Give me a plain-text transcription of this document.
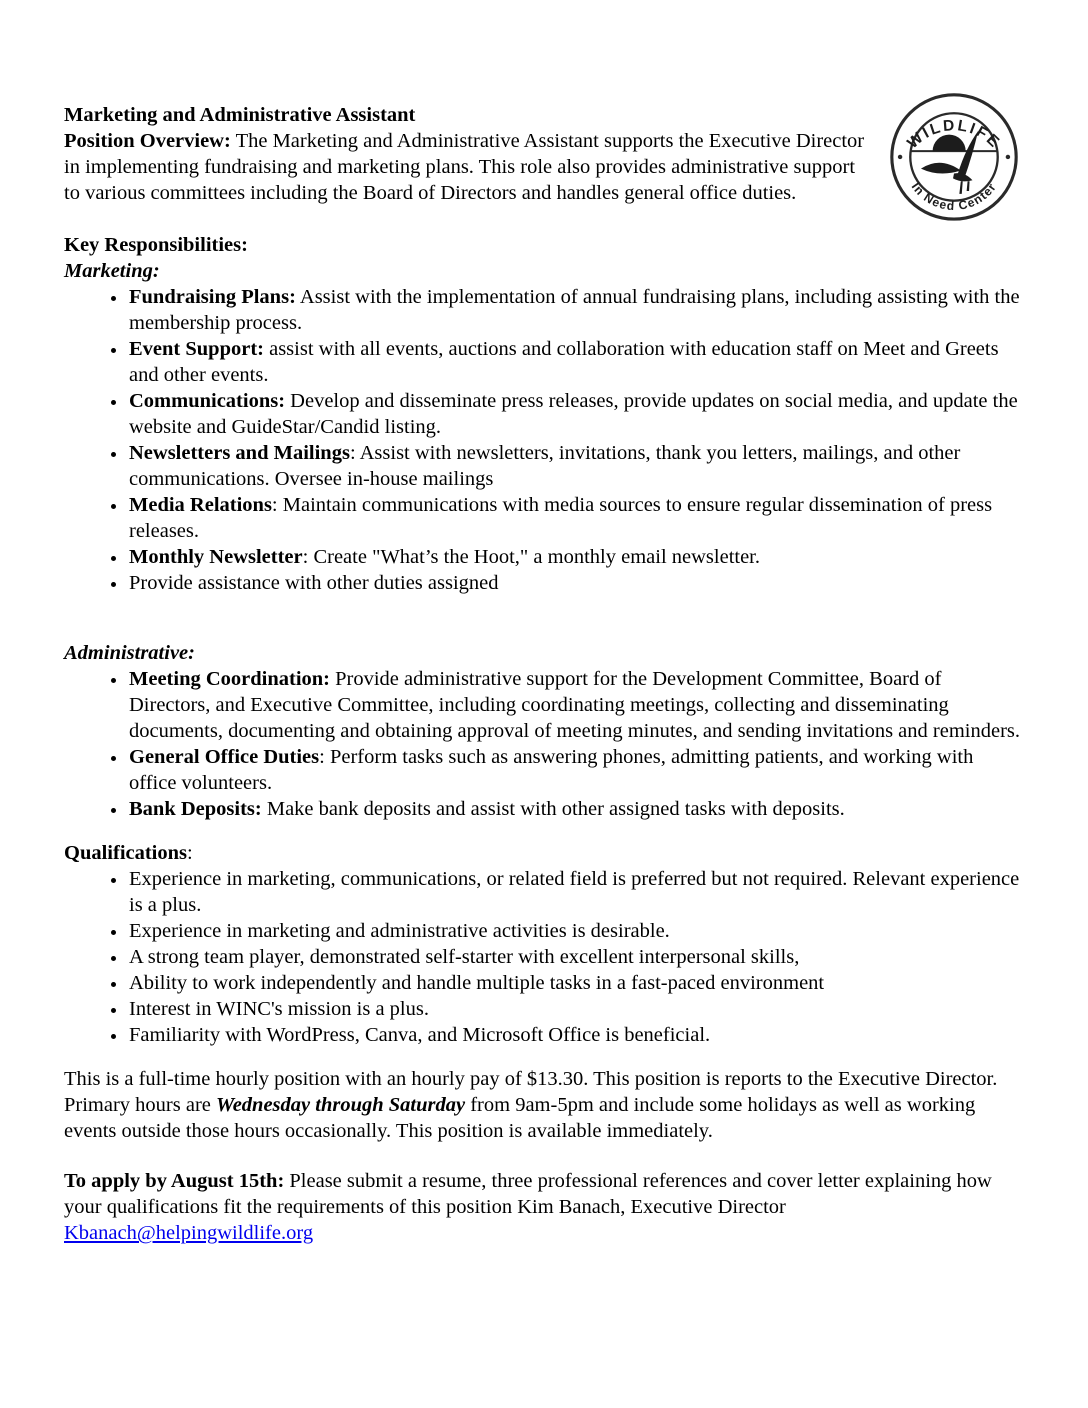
WILDLIFE
In Need Center

Marketing and Administrative Assistant

Position Overview: The Marketing and Administrative Assistant supports the Executive Director in implementing fundraising and marketing plans. This role also provides administrative support to various committees including the Board of Directors and handles general office duties.

Key Responsibilities:

Marketing:

• Fundraising Plans: Assist with the implementation of annual fundraising plans, including assisting with the membership process.
• Event Support: assist with all events, auctions and collaboration with education staff on Meet and Greets and other events.
• Communications: Develop and disseminate press releases, provide updates on social media, and update the website and GuideStar/Candid listing.
• Newsletters and Mailings: Assist with newsletters, invitations, thank you letters, mailings, and other communications. Oversee in-house mailings
• Media Relations: Maintain communications with media sources to ensure regular dissemination of press releases.
• Monthly Newsletter: Create "What’s the Hoot," a monthly email newsletter.
• Provide assistance with other duties assigned

Administrative:

• Meeting Coordination: Provide administrative support for the Development Committee, Board of Directors, and Executive Committee, including coordinating meetings, collecting and disseminating documents, documenting and obtaining approval of meeting minutes, and sending invitations and reminders.
• General Office Duties: Perform tasks such as answering phones, admitting patients, and working with office volunteers.
• Bank Deposits: Make bank deposits and assist with other assigned tasks with deposits.

Qualifications:

• Experience in marketing, communications, or related field is preferred but not required. Relevant experience is a plus.
• Experience in marketing and administrative activities is desirable.
• A strong team player, demonstrated self-starter with excellent interpersonal skills,
• Ability to work independently and handle multiple tasks in a fast-paced environment
• Interest in WINC's mission is a plus.
• Familiarity with WordPress, Canva, and Microsoft Office is beneficial.

This is a full-time hourly position with an hourly pay of $13.30. This position is reports to the Executive Director. Primary hours are Wednesday through Saturday from 9am-5pm and include some holidays as well as working events outside those hours occasionally. This position is available immediately.

To apply by August 15th: Please submit a resume, three professional references and cover letter explaining how your qualifications fit the requirements of this position Kim Banach, Executive Director
Kbanach@helpingwildlife.org
